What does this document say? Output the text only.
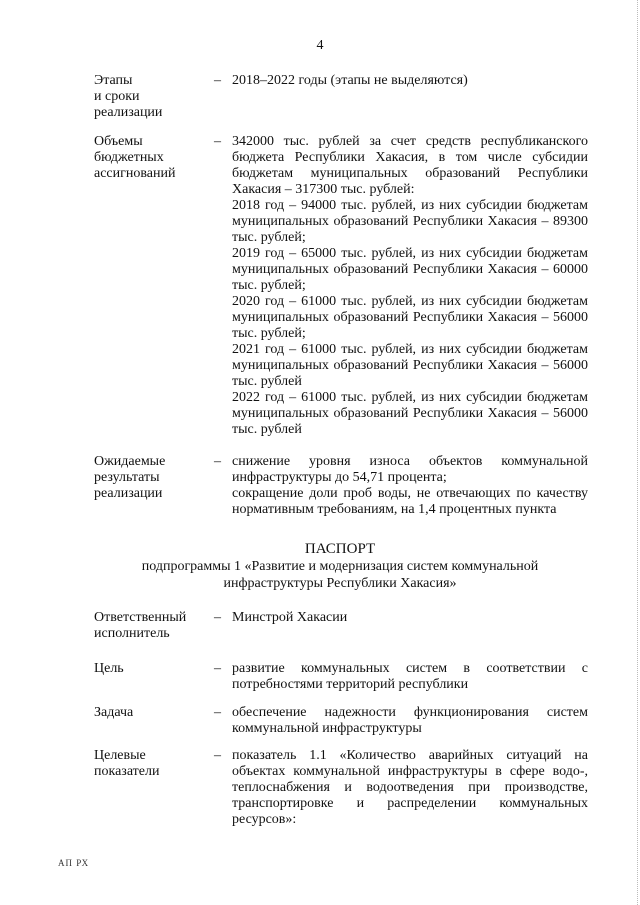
4
Этапы
и сроки
реализации
– 2018–2022 годы (этапы не выделяются)

Объемы
бюджетных
ассигнований
– 342000 тыс. рублей за счет средств республиканского бюджета Республики Хакасия, в том числе субсидии бюджетам муниципальных образований Республики Хакасия – 317300 тыс. рублей:

2018 год – 94000 тыс. рублей, из них субсидии бюджетам муниципальных образований Республики Хакасия – 89300 тыс. рублей;

2019 год – 65000 тыс. рублей, из них субсидии бюджетам муниципальных образований Республики Хакасия – 60000 тыс. рублей;

2020 год – 61000 тыс. рублей, из них субсидии бюджетам муниципальных образований Республики Хакасия – 56000 тыс. рублей;

2021 год – 61000 тыс. рублей, из них субсидии бюджетам муниципальных образований Республики Хакасия – 56000 тыс. рублей

2022 год – 61000 тыс. рублей, из них субсидии бюджетам муниципальных образований Республики Хакасия – 56000 тыс. рублей

Ожидаемые
результаты
реализации
– снижение уровня износа объектов коммунальной инфраструктуры до 54,71 процента;

сокращение доли проб воды, не отвечающих по качеству нормативным требованиям, на 1,4 процентных пункта

ПАСПОРТ
подпрограммы 1 «Развитие и модернизация систем коммунальной
инфраструктуры Республики Хакасия»
Ответственный
исполнитель
– Минстрой Хакасии

Цель	– развитие коммунальных систем в соответствии с потребностями территорий республики

Задача	– обеспечение надежности функционирования систем коммунальной инфраструктуры

Целевые
показатели
– показатель 1.1 «Количество аварийных ситуаций на объектах коммунальной инфраструктуры в сфере водо-, теплоснабжения и водоотведения при производстве, транспортировке и распределении коммунальных ресурсов»:

АП РХ
